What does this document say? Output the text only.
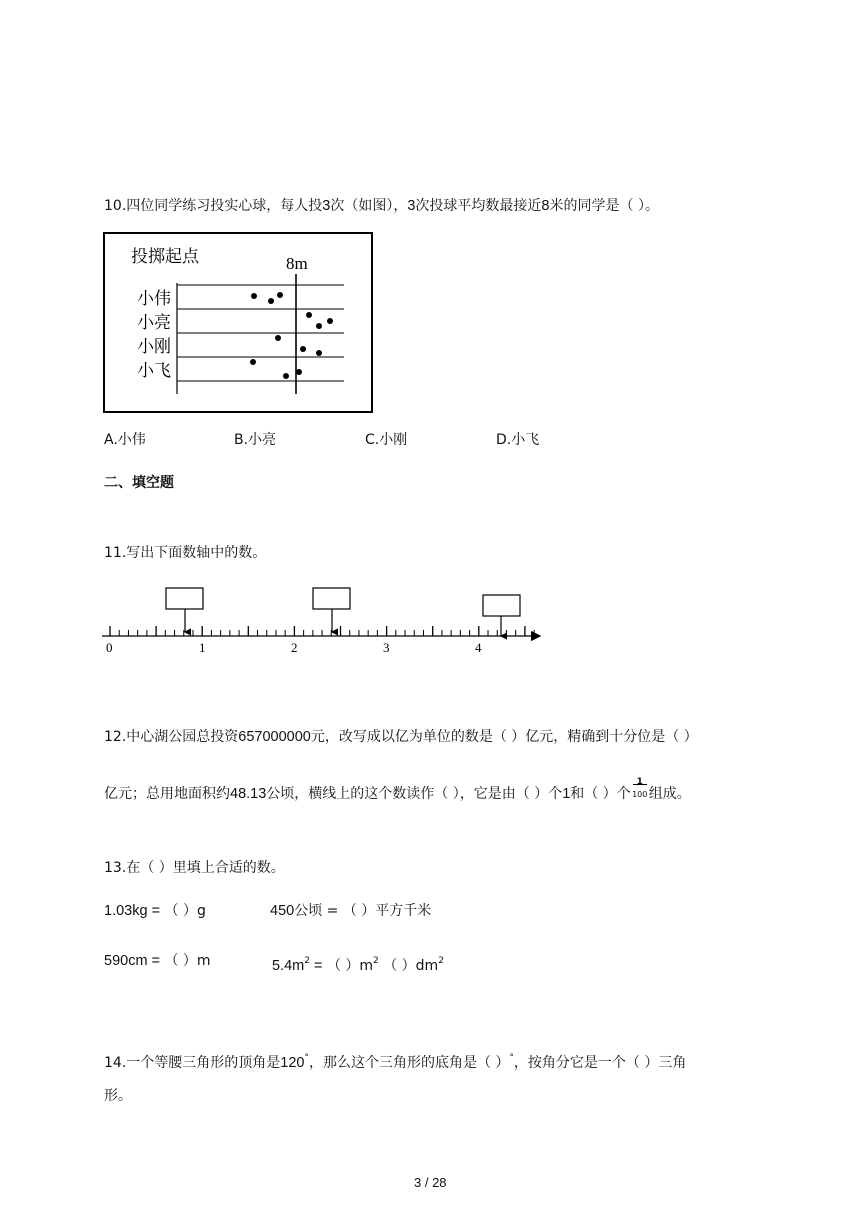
10.四位同学练习投实心球，每人投3次（如图），3次投球平均数最接近8米的同学是（ ）。
投掷起点	8m
小伟
小亮
小刚
小飞
A.小伟	B.小亮	C.小刚	D.小飞
二、填空题
11.写出下面数轴中的数。
0	1	2	3	4
12.中心湖公园总投资657000000元，改写成以亿为单位的数是（ ）亿元，精确到十分位是（ ）
亿元；总用地面积约48.13公顷，横线上的这个数读作（ ），它是由（ ）个1和（ ）个
1
100 组成。
13.在（ ）里填上合适的数。
1.03kg = （ ）g	450公顷 = （ ）平方千米
590cm = （ ）m	$5.4m^2$ = （ ）$m^2$ （ ）$dm^2$
14.一个等腰三角形的顶角是120°，那么这个三角形的底角是（ ）°，按角分它是一个（ ）三角
形。
3 / 28
